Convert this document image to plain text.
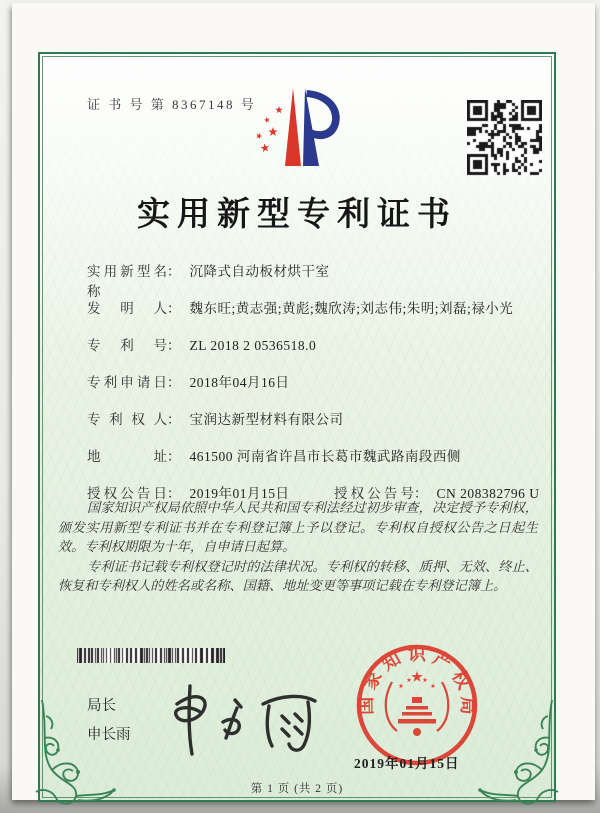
证 书 号 第 8367148 号
实用新型专利证书
实用新型名称
： 沉降式自动板材烘干室
发明人 ： 魏东旺;黄志强;黄彪;魏欣涛;刘志伟;朱明;刘磊;禄小光
专利号 ： ZL 2018 2 0536518.0
专利申请日 ： 2018年04月16日
专利权人 ： 宝润达新型材料有限公司
地址 ： 461500 河南省许昌市长葛市魏武路南段西侧
授权公告日 ： 2019年01月15日	授权公告号 ： CN 208382796 U

国家知识产权局依照中华人民共和国专利法经过初步审查，决定授予专利权，颁发实用新型专利证书并在专利登记簿上予以登记。专利权自授权公告之日起生效。专利权期限为十年，自申请日起算。

专利证书记载专利权登记时的法律状况。专利权的转移、质押、无效、终止、恢复和专利权人的姓名或名称、国籍、地址变更等事项记载在专利登记簿上。

局长
申长雨
国家知识产权局
2019年01月15日
第 1 页 (共 2 页)
